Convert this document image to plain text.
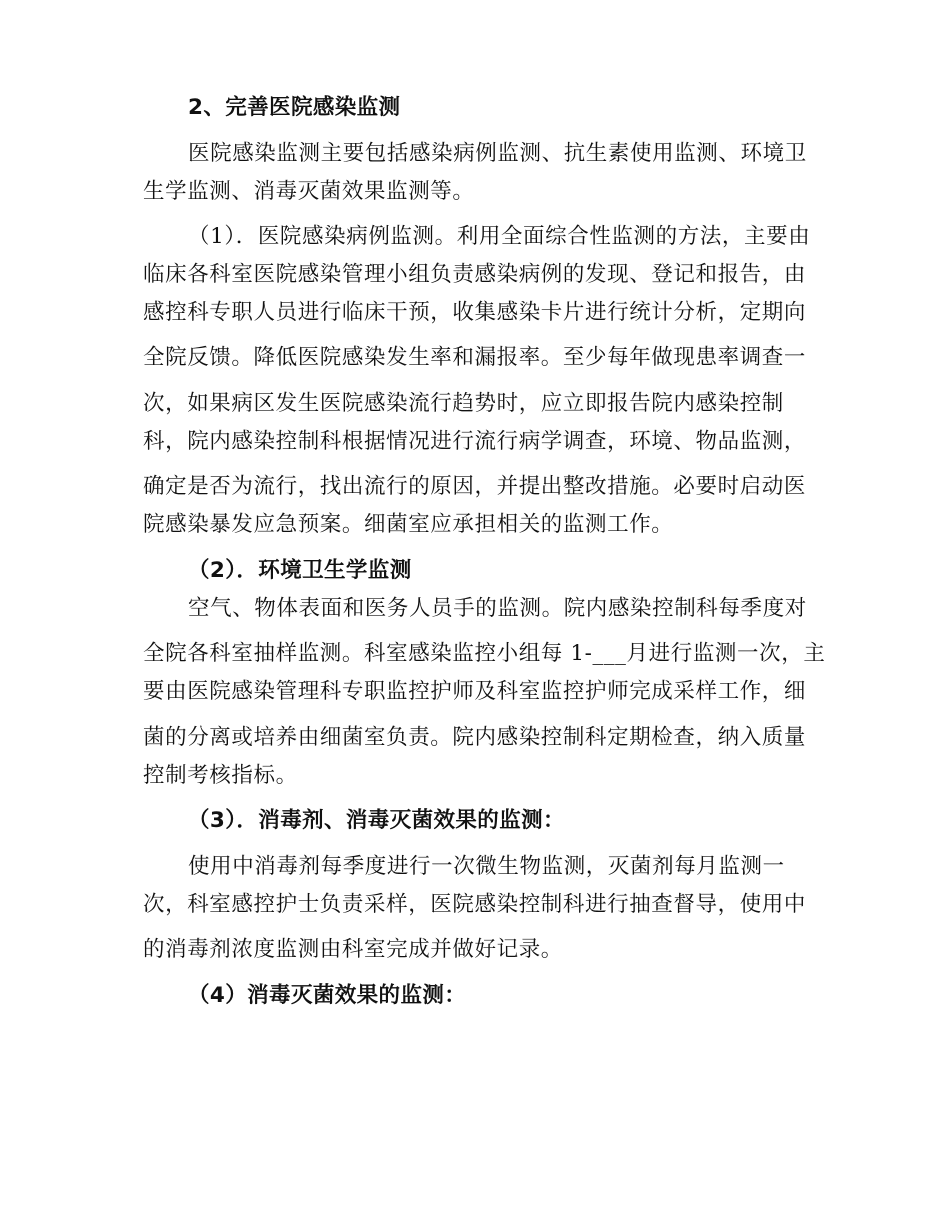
2、完善医院感染监测
医院感染监测主要包括感染病例监测、抗生素使用监测、环境卫
生学监测、消毒灭菌效果监测等。
（1）．医院感染病例监测。利用全面综合性监测的方法，主要由
临床各科室医院感染管理小组负责感染病例的发现、登记和报告，由
感控科专职人员进行临床干预，收集感染卡片进行统计分析，定期向
全院反馈。降低医院感染发生率和漏报率。至少每年做现患率调查一
次，如果病区发生医院感染流行趋势时，应立即报告院内感染控制
科，院内感染控制科根据情况进行流行病学调查，环境、物品监测，
确定是否为流行，找出流行的原因，并提出整改措施。必要时启动医
院感染暴发应急预案。细菌室应承担相关的监测工作。
（2）．环境卫生学监测
空气、物体表面和医务人员手的监测。院内感染控制科每季度对
全院各科室抽样监测。科室感染监控小组每 1-___月进行监测一次，主
要由医院感染管理科专职监控护师及科室监控护师完成采样工作，细
菌的分离或培养由细菌室负责。院内感染控制科定期检查，纳入质量
控制考核指标。
（3）．消毒剂、消毒灭菌效果的监测：
使用中消毒剂每季度进行一次微生物监测，灭菌剂每月监测一
次，科室感控护士负责采样，医院感染控制科进行抽查督导，使用中
的消毒剂浓度监测由科室完成并做好记录。
（4）消毒灭菌效果的监测：
